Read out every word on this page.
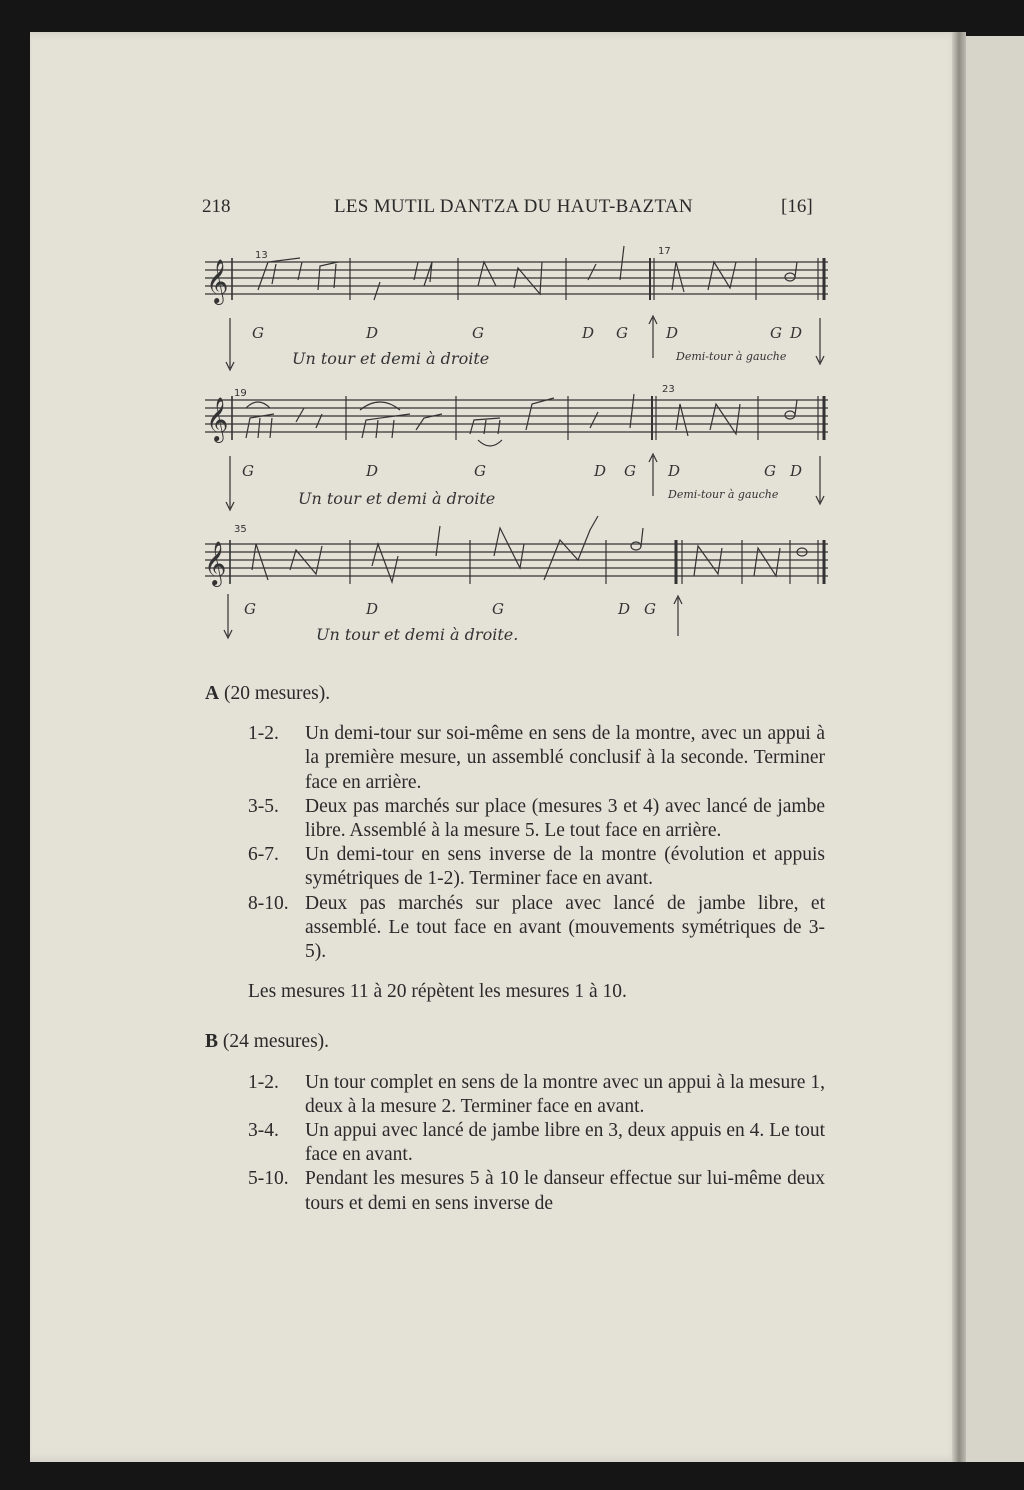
218	LES MUTIL DANTZA DU HAUT-BAZTAN	[16]
𝄞
13	17
G	D	G	D G	D	G D
Un tour et demi à droite	Demi-tour à gauche
𝄞
19	23
G	D	G	D G D	G D
Un tour et demi à droite	Demi-tour à gauche
𝄞
35
G	D	G	D G
Un tour et demi à droite.

A (20 mesures).

1-2. Un demi-tour sur soi-même en sens de la montre, avec un appui à la première mesure, un assemblé conclusif à la seconde. Terminer face en arrière.

3-5. Deux pas marchés sur place (mesures 3 et 4) avec lancé de jambe libre. Assemblé à la mesure 5. Le tout face en arrière.

6-7. Un demi-tour en sens inverse de la montre (évolution et appuis symétriques de 1-2). Terminer face en avant.

8-10. Deux pas marchés sur place avec lancé de jambe libre, et assemblé. Le tout face en avant (mouvements symétriques de 3-5).

Les mesures 11 à 20 répètent les mesures 1 à 10.

B (24 mesures).

1-2. Un tour complet en sens de la montre avec un appui à la mesure 1, deux à la mesure 2. Terminer face en avant.

3-4. Un appui avec lancé de jambe libre en 3, deux appuis en 4. Le tout face en avant.

5-10. Pendant les mesures 5 à 10 le danseur effectue sur lui-même deux tours et demi en sens inverse de
